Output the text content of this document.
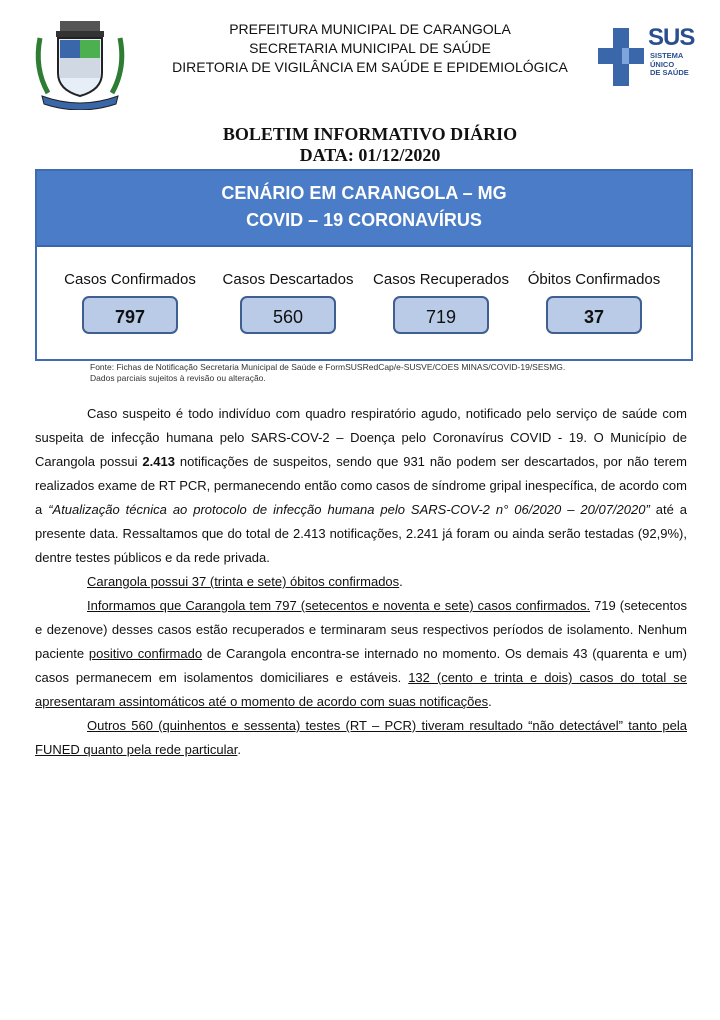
PREFEITURA MUNICIPAL DE CARANGOLA
SECRETARIA MUNICIPAL DE SAÚDE
DIRETORIA DE VIGILÂNCIA EM SAÚDE E EPIDEMIOLÓGICA
SUS
SISTEMA
ÚNICO
DE SAÚDE
BOLETIM INFORMATIVO DIÁRIO
DATA: 01/12/2020
CENÁRIO EM CARANGOLA – MG
COVID – 19 CORONAVÍRUS
Casos Confirmados
797
Casos Descartados
560
Casos Recuperados
719
Óbitos Confirmados
37
Fonte: Fichas de Notificação Secretaria Municipal de Saúde e FormSUSRedCap/e-SUSVE/COES MINAS/COVID-19/SESMG.
Dados parciais sujeitos à revisão ou alteração.

Caso suspeito é todo indivíduo com quadro respiratório agudo, notificado pelo serviço de saúde com suspeita de infecção humana pelo SARS-COV-2 – Doença pelo Coronavírus COVID - 19. O Município de Carangola possui 2.413 notificações de suspeitos, sendo que 931 não podem ser descartados, por não terem realizados exame de RT PCR, permanecendo então como casos de síndrome gripal inespecífica, de acordo com a “Atualização técnica ao protocolo de infecção humana pelo SARS-COV-2 n° 06/2020 – 20/07/2020” até a presente data. Ressaltamos que do total de 2.413 notificações, 2.241 já foram ou ainda serão testadas (92,9%), dentre testes públicos e da rede privada.

Carangola possui 37 (trinta e sete) óbitos confirmados.

Informamos que Carangola tem 797 (setecentos e noventa e sete) casos confirmados. 719 (setecentos e dezenove) desses casos estão recuperados e terminaram seus respectivos períodos de isolamento. Nenhum paciente positivo confirmado de Carangola encontra-se internado no momento. Os demais 43 (quarenta e um) casos permanecem em isolamentos domiciliares e estáveis. 132 (cento e trinta e dois) casos do total se apresentaram assintomáticos até o momento de acordo com suas notificações.

Outros 560 (quinhentos e sessenta) testes (RT – PCR) tiveram resultado “não detectável” tanto pela FUNED quanto pela rede particular.
